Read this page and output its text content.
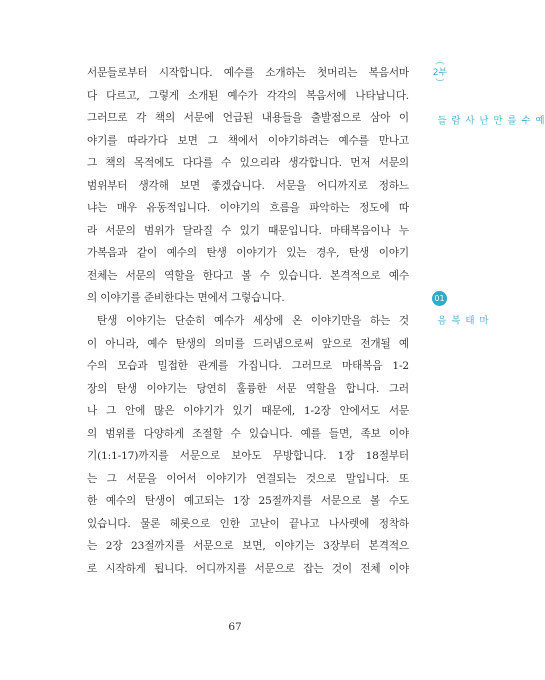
서문들로부터 시작합니다. 예수를 소개하는 첫머리는 복음서마
다 다르고, 그렇게 소개된 예수가 각각의 복음서에 나타납니다.
그러므로 각 책의 서문에 언급된 내용들을 출발점으로 삼아 이
야기를 따라가다 보면 그 책에서 이야기하려는 예수를 만나고
그 책의 목적에도 다다를 수 있으리라 생각합니다. 먼저 서문의
범위부터 생각해 보면 좋겠습니다. 서문을 어디까지로 정하느
냐는 매우 유동적입니다. 이야기의 흐름을 파악하는 정도에 따
라 서문의 범위가 달라질 수 있기 때문입니다. 마태복음이나 누
가복음과 같이 예수의 탄생 이야기가 있는 경우, 탄생 이야기
전체는 서문의 역할을 한다고 볼 수 있습니다. 본격적으로 예수
의 이야기를 준비한다는 면에서 그렇습니다.
탄생 이야기는 단순히 예수가 세상에 온 이야기만을 하는 것
이 아니라, 예수 탄생의 의미를 드러냄으로써 앞으로 전개될 예
수의 모습과 밀접한 관계를 가집니다. 그러므로 마태복음 1-2
장의 탄생 이야기는 당연히 훌륭한 서문 역할을 합니다. 그러
나 그 안에 많은 이야기가 있기 때문에, 1-2장 안에서도 서문
의 범위를 다양하게 조절할 수 있습니다. 예를 들면, 족보 이야
기(1:1-17)까지를 서문으로 보아도 무방합니다. 1장 18절부터
는 그 서문을 이어서 이야기가 연결되는 것으로 말입니다. 또
한 예수의 탄생이 예고되는 1장 25절까지를 서문으로 볼 수도
있습니다. 물론 헤롯으로 인한 고난이 끝나고 나사렛에 정착하
는 2장 23절까지를 서문으로 보면, 이야기는 3장부터 본격적으
로 시작하게 됩니다. 어디까지를 서문으로 잡는 것이 전체 이야
︵
2부
︶
예수를 만난 사람들
01
마태복음
67
